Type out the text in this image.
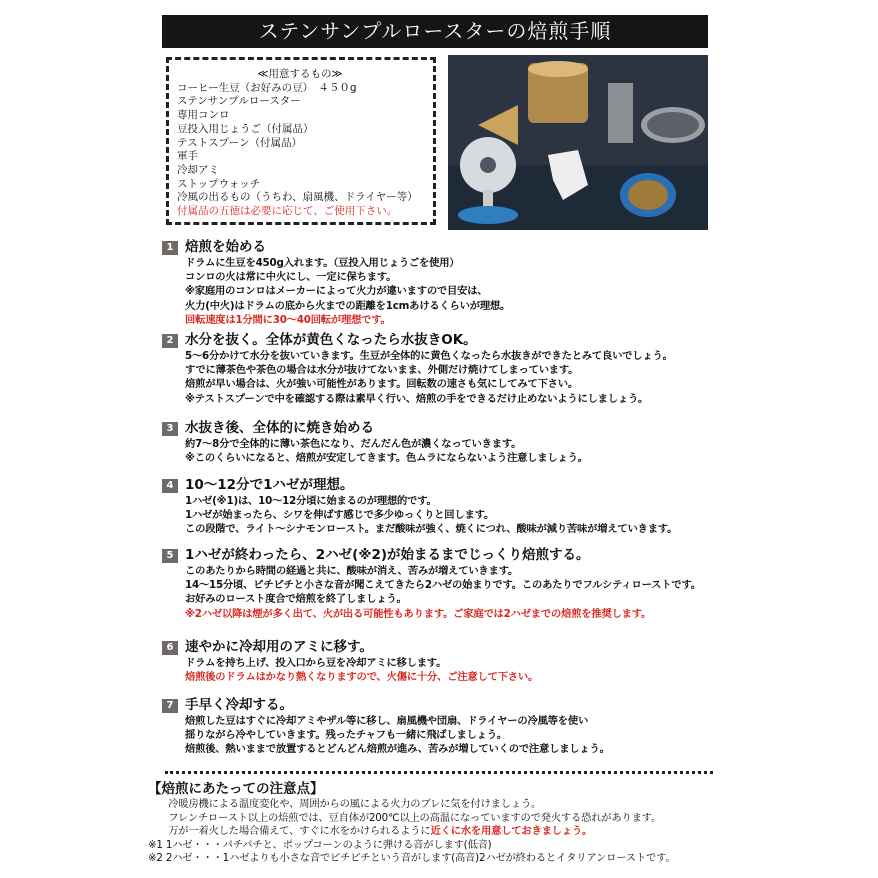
ステンサンプルロースターの焙煎手順
≪用意するもの≫
コーヒー生豆（お好みの豆）　４５０g
ステンサンプルロースター
専用コンロ
豆投入用じょうご（付属品）
テストスプーン（付属品）
軍手
冷却アミ
ストップウォッチ
冷風の出るもの（うちわ、扇風機、ドライヤー等）
付属品の五徳は必要に応じて、ご使用下さい。
1 焙煎を始める
ドラムに生豆を450g入れます。（豆投入用じょうごを使用）
コンロの火は常に中火にし、一定に保ちます。
※家庭用のコンロはメーカーによって火力が違いますので目安は、
火力(中火)はドラムの底から火までの距離を1cmあけるくらいが理想。
回転速度は1分間に30～40回転が理想です。
2 水分を抜く。全体が黄色くなったら水抜きOK。
5～6分かけて水分を抜いていきます。生豆が全体的に黄色くなったら水抜きができたとみて良いでしょう。
すでに薄茶色や茶色の場合は水分が抜けてないまま、外側だけ焼けてしまっています。
焙煎が早い場合は、火が強い可能性があります。回転数の速さも気にしてみて下さい。
※テストスプーンで中を確認する際は素早く行い、焙煎の手をできるだけ止めないようにしましょう。
3 水抜き後、全体的に焼き始める
約7～8分で全体的に薄い茶色になり、だんだん色が濃くなっていきます。
※このくらいになると、焙煎が安定してきます。色ムラにならないよう注意しましょう。
4 10～12分で1ハゼが理想。
1ハゼ(※1)は、10～12分頃に始まるのが理想的です。
1ハゼが始まったら、シワを伸ばす感じで多少ゆっくりと回します。
この段階で、ライト～シナモンロースト。まだ酸味が強く、焼くにつれ、酸味が減り苦味が増えていきます。
5 1ハゼが終わったら、2ハゼ(※2)が始まるまでじっくり焙煎する。
このあたりから時間の経過と共に、酸味が消え、苦みが増えていきます。
14～15分頃、ピチピチと小さな音が聞こえてきたら2ハゼの始まりです。このあたりでフルシティローストです。
お好みのロースト度合で焙煎を終了しましょう。
※2ハゼ以降は煙が多く出て、火が出る可能性もあります。ご家庭では2ハゼまでの焙煎を推奨します。
6 速やかに冷却用のアミに移す。
ドラムを持ち上げ、投入口から豆を冷却アミに移します。
焙煎後のドラムはかなり熱くなりますので、火傷に十分、ご注意して下さい。
7 手早く冷却する。
焙煎した豆はすぐに冷却アミやザル等に移し、扇風機や団扇、ドライヤーの冷風等を使い
揺りながら冷やしていきます。残ったチャフも一緒に飛ばしましょう。
焙煎後、熱いままで放置するとどんどん焙煎が進み、苦みが増していくので注意しましょう。
【焙煎にあたっての注意点】
　　冷暖房機による温度変化や、周囲からの風による火力のブレに気を付けましょう。
　　フレンチロースト以上の焙煎では、豆自体が200℃以上の高温になっていますので発火する恐れがあります。
　　万が一着火した場合備えて、すぐに水をかけられるように近くに水を用意しておきましょう。
※1 1ハゼ・・・パチパチと、ポップコーンのように弾ける音がします(低音)
※2 2ハゼ・・・1ハゼよりも小さな音でピチピチという音がします(高音)2ハゼが終わるとイタリアンローストです。
